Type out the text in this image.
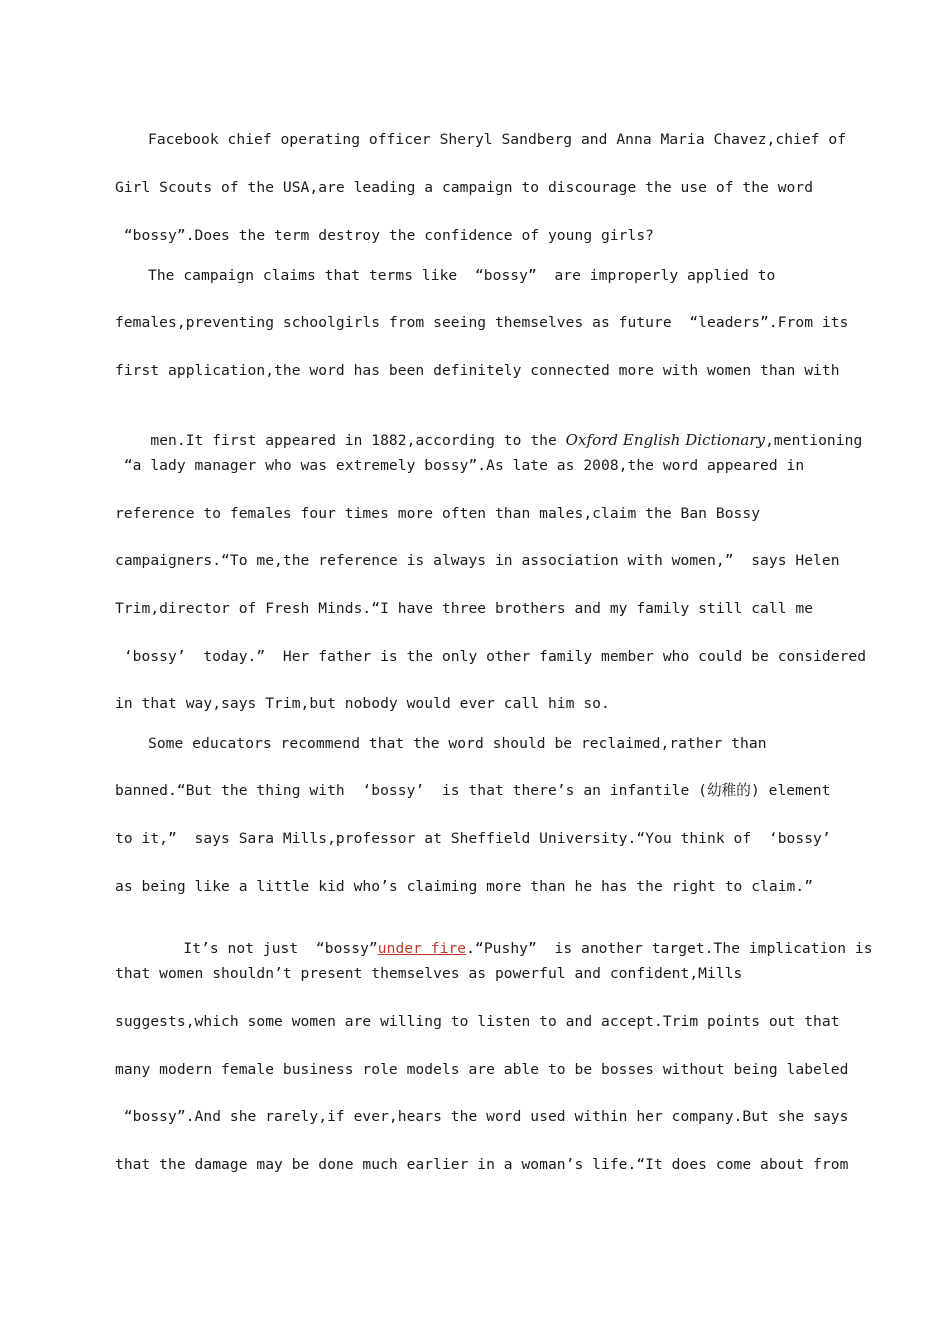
Facebook chief operating officer Sheryl Sandberg and Anna Maria Chavez,chief of
Girl Scouts of the USA,are leading a campaign to discourage the use of the word
“bossy”.Does the term destroy the confidence of young girls?
The campaign claims that terms like  “bossy”  are improperly applied to
females,preventing schoolgirls from seeing themselves as future  “leaders”.From its
first application,the word has been definitely connected more with women than with

men.It first appeared in 1882,according to the Oxford English Dictionary,mentioning

“a lady manager who was extremely bossy”.As late as 2008,the word appeared in
reference to females four times more often than males,claim the Ban Bossy
campaigners.“To me,the reference is always in association with women,”  says Helen
Trim,director of Fresh Minds.“I have three brothers and my family still call me
‘bossy’  today.”  Her father is the only other family member who could be considered
in that way,says Trim,but nobody would ever call him so.
Some educators recommend that the word should be reclaimed,rather than
banned.“But the thing with  ‘bossy’  is that there’s an infantile (幼稚的) element
to it,”  says Sara Mills,professor at Sheffield University.“You think of  ‘bossy’
as being like a little kid who’s claiming more than he has the right to claim.”

It’s not just  “bossy”under fire.“Pushy”  is another target.The implication is

that women shouldn’t present themselves as powerful and confident,Mills
suggests,which some women are willing to listen to and accept.Trim points out that
many modern female business role models are able to be bosses without being labeled
“bossy”.And she rarely,if ever,hears the word used within her company.But she says
that the damage may be done much earlier in a woman’s life.“It does come about from
